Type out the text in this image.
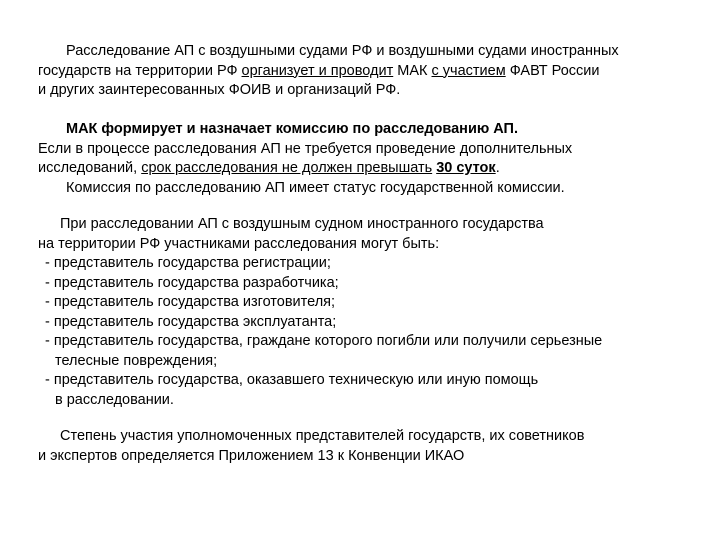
Расследование АП с воздушными судами РФ и воздушными судами иностранных
государств на территории РФ организует и проводит МАК с участием ФАВТ России
и других заинтересованных ФОИВ и организаций РФ.
МАК формирует и назначает комиссию по расследованию АП.
Если в процессе расследования АП не требуется проведение дополнительных
исследований, срок расследования не должен превышать 30 суток.
Комиссия по расследованию АП имеет статус государственной комиссии.
При расследовании АП с воздушным судном иностранного государства
на территории РФ участниками расследования могут быть:
- представитель государства регистрации;
- представитель государства разработчика;
- представитель государства изготовителя;
- представитель государства эксплуатанта;
- представитель государства, граждане которого погибли или получили серьезные
телесные повреждения;
- представитель государства, оказавшего техническую или иную помощь
в расследовании.
Степень участия уполномоченных представителей государств, их советников
и экспертов определяется Приложением 13 к Конвенции ИКАО
